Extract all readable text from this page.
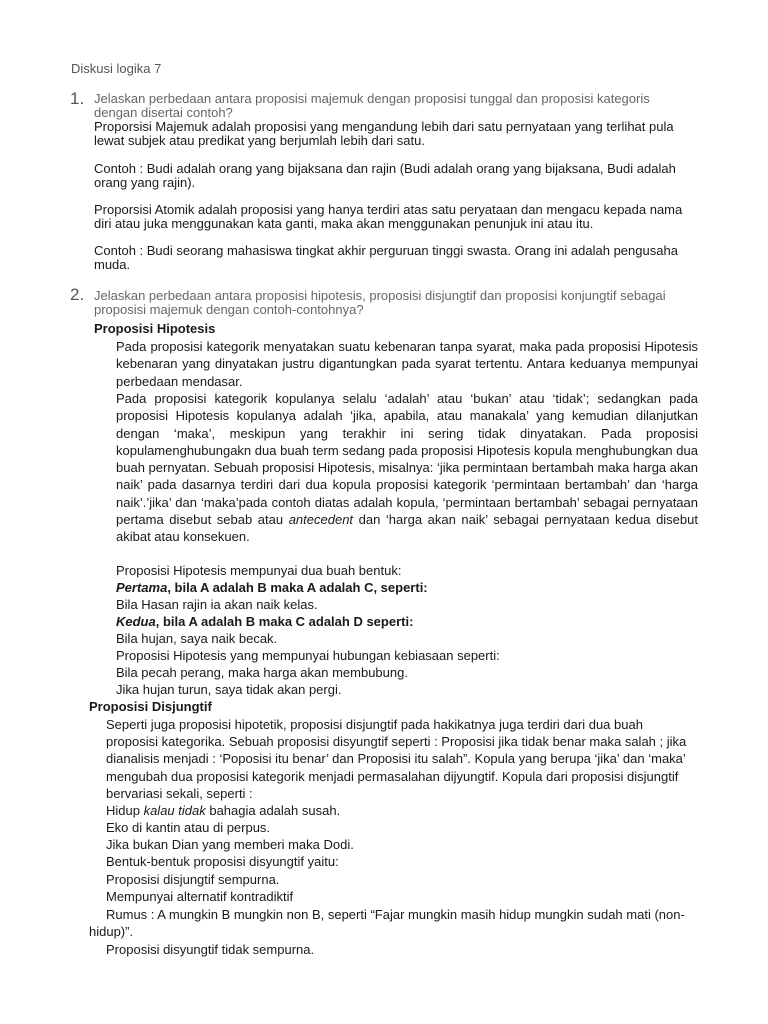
Diskusi logika 7
1. Jelaskan perbedaan antara proposisi majemuk dengan proposisi tunggal dan proposisi kategoris dengan disertai contoh?
Proporsisi Majemuk adalah proposisi yang mengandung lebih dari satu pernyataan yang terlihat pula lewat subjek atau predikat yang berjumlah lebih dari satu.
Contoh : Budi adalah orang yang bijaksana dan rajin (Budi adalah orang yang bijaksana, Budi adalah orang yang rajin).
Proporsisi Atomik adalah proposisi yang hanya terdiri atas satu peryataan dan mengacu kepada nama diri atau juka menggunakan kata ganti, maka akan menggunakan penunjuk ini atau itu.
Contoh : Budi seorang mahasiswa tingkat akhir perguruan tinggi swasta. Orang ini adalah pengusaha muda.
2. Jelaskan perbedaan antara proposisi hipotesis, proposisi disjungtif dan proposisi konjungtif sebagai proposisi majemuk dengan contoh-contohnya?
Proposisi Hipotesis
Pada proposisi kategorik menyatakan suatu kebenaran tanpa syarat, maka pada proposisi Hipotesis kebenaran yang dinyatakan justru digantungkan pada syarat tertentu. Antara keduanya mempunyai perbedaan mendasar.
Pada proposisi kategorik kopulanya selalu ‘adalah’ atau ‘bukan’ atau ‘tidak’; sedangkan pada proposisi Hipotesis kopulanya adalah ‘jika, apabila, atau manakala’ yang kemudian dilanjutkan dengan ‘maka’, meskipun yang terakhir ini sering tidak dinyatakan. Pada proposisi kopulamenghubungakn dua buah term sedang pada proposisi Hipotesis kopula menghubungkan dua buah pernyatan. Sebuah proposisi Hipotesis, misalnya: ‘jika permintaan bertambah maka harga akan naik’ pada dasarnya terdiri dari dua kopula proposisi kategorik ‘permintaan bertambah’ dan ‘harga naik’.’jika’ dan ‘maka’pada contoh diatas adalah kopula, ‘permintaan bertambah’ sebagai pernyataan pertama disebut sebab atau antecedent dan ‘harga akan naik’ sebagai pernyataan kedua disebut akibat atau konsekuen.
Proposisi Hipotesis mempunyai dua buah bentuk:
Pertama, bila A adalah B maka A adalah C, seperti:
Bila Hasan rajin ia akan naik kelas.
Kedua, bila A adalah B maka C adalah D seperti:
Bila hujan, saya naik becak.
Proposisi Hipotesis yang mempunyai hubungan kebiasaan seperti:
Bila pecah perang, maka harga akan membubung.
Jika hujan turun, saya tidak akan pergi.
Proposisi Disjungtif
Seperti juga proposisi hipotetik, proposisi disjungtif pada hakikatnya juga terdiri dari dua buah proposisi kategorika. Sebuah proposisi disyungtif seperti : Proposisi jika tidak benar maka salah ; jika dianalisis menjadi : ‘Poposisi itu benar’ dan Proposisi itu salah”. Kopula yang berupa ‘jika’ dan ‘maka’ mengubah dua proposisi kategorik menjadi permasalahan dijyungtif. Kopula dari proposisi disjungtif bervariasi sekali, seperti :
Hidup kalau tidak bahagia adalah susah.
Eko di kantin atau di perpus.
Jika bukan Dian yang memberi maka Dodi.
Bentuk-bentuk proposisi disyungtif yaitu:
Proposisi disjungtif sempurna.
Mempunyai alternatif kontradiktif
Rumus : A mungkin B mungkin non B, seperti “Fajar mungkin masih hidup mungkin sudah mati (non-hidup)”.
Proposisi disyungtif tidak sempurna.
